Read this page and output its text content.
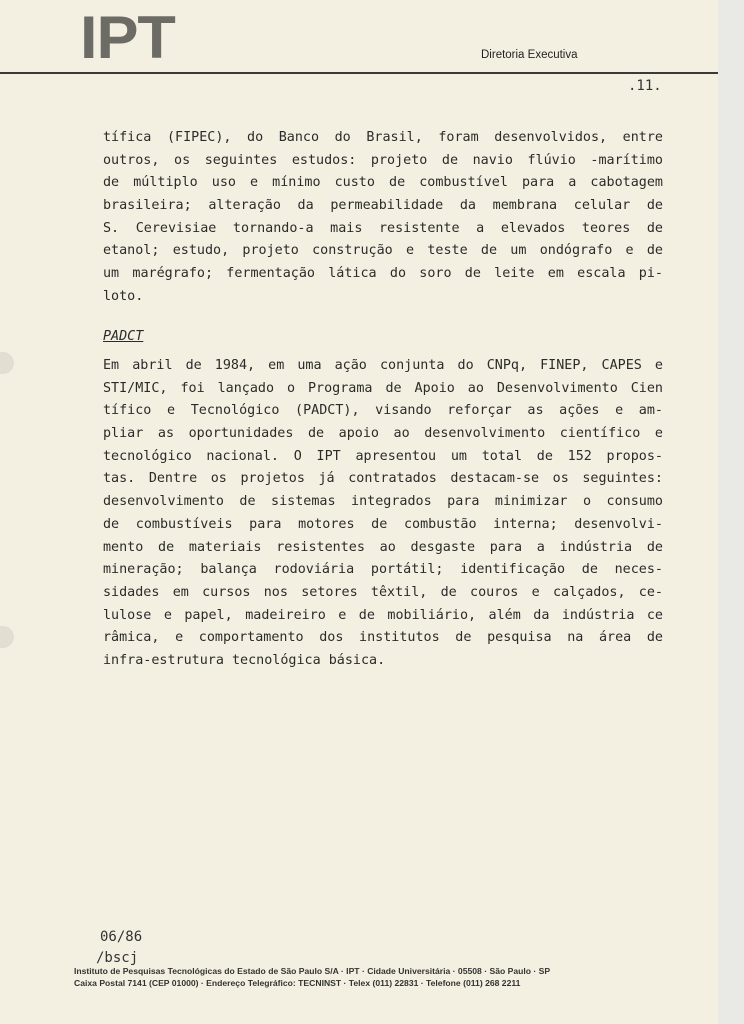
IPT	Diretoria Executiva
.11.
tífica (FIPEC), do Banco do Brasil, foram desenvolvidos, entre
outros, os seguintes estudos: projeto de navio flúvio -marítimo
de múltiplo uso e mínimo custo de combustível para a cabotagem
brasileira; alteração da permeabilidade da membrana celular de
S. Cerevisiae tornando-a mais resistente a elevados teores de
etanol; estudo, projeto construção e teste de um ondógrafo e de
um marégrafo; fermentação lática do soro de leite em escala pi-
loto.
PADCT
Em abril de 1984, em uma ação conjunta do CNPq, FINEP, CAPES e
STI/MIC, foi lançado o Programa de Apoio ao Desenvolvimento Cien
tífico e Tecnológico (PADCT), visando reforçar as ações e am-
pliar as oportunidades de apoio ao desenvolvimento científico e
tecnológico nacional. O IPT apresentou um total de 152 propos-
tas. Dentre os projetos já contratados destacam-se os seguintes:
desenvolvimento de sistemas integrados para minimizar o consumo
de combustíveis para motores de combustão interna; desenvolvi-
mento de materiais resistentes ao desgaste para a indústria de
mineração; balança rodoviária portátil; identificação de neces-
sidades em cursos nos setores têxtil, de couros e calçados, ce-
lulose e papel, madeireiro e de mobiliário, além da indústria ce
râmica, e comportamento dos institutos de pesquisa na área de
infra-estrutura tecnológica básica.
06/86
/bscj
Instituto de Pesquisas Tecnológicas do Estado de São Paulo S/A · IPT · Cidade Universitária · 05508 · São Paulo · SP
Caixa Postal 7141 (CEP 01000) · Endereço Telegráfico: TECNINST · Telex (011) 22831 · Telefone (011) 268 2211
